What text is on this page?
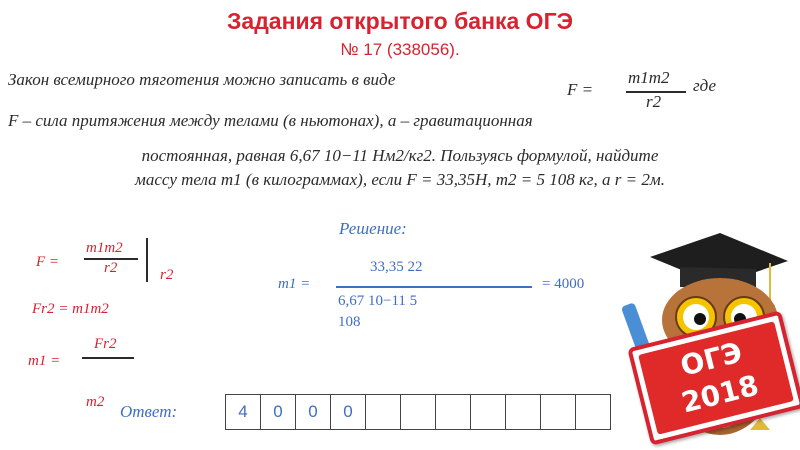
Задания открытого банка ОГЭ
№ 17 (338056).
Закон всемирного тяготения можно записать в виде
F =
m1m2
r2
где
F – сила притяжения между телами (в ньютонах), a – гравитационная
постоянная, равная 6,67 10−11 Hм2/кг2. Пользуясь формулой, найдите
массу тела m1 (в килограммах), если F = 33,35Н, m2 = 5 108 кг, а r = 2м.
Решение:
F =
m1m2
r2	r2
Fr2 = m1m2
m1 =
Fr2
m2
m1 =
33,35 22
6,67 10−11 5
108
= 4000
Ответ:	4	0	0	0							
ОГЭ
2018
